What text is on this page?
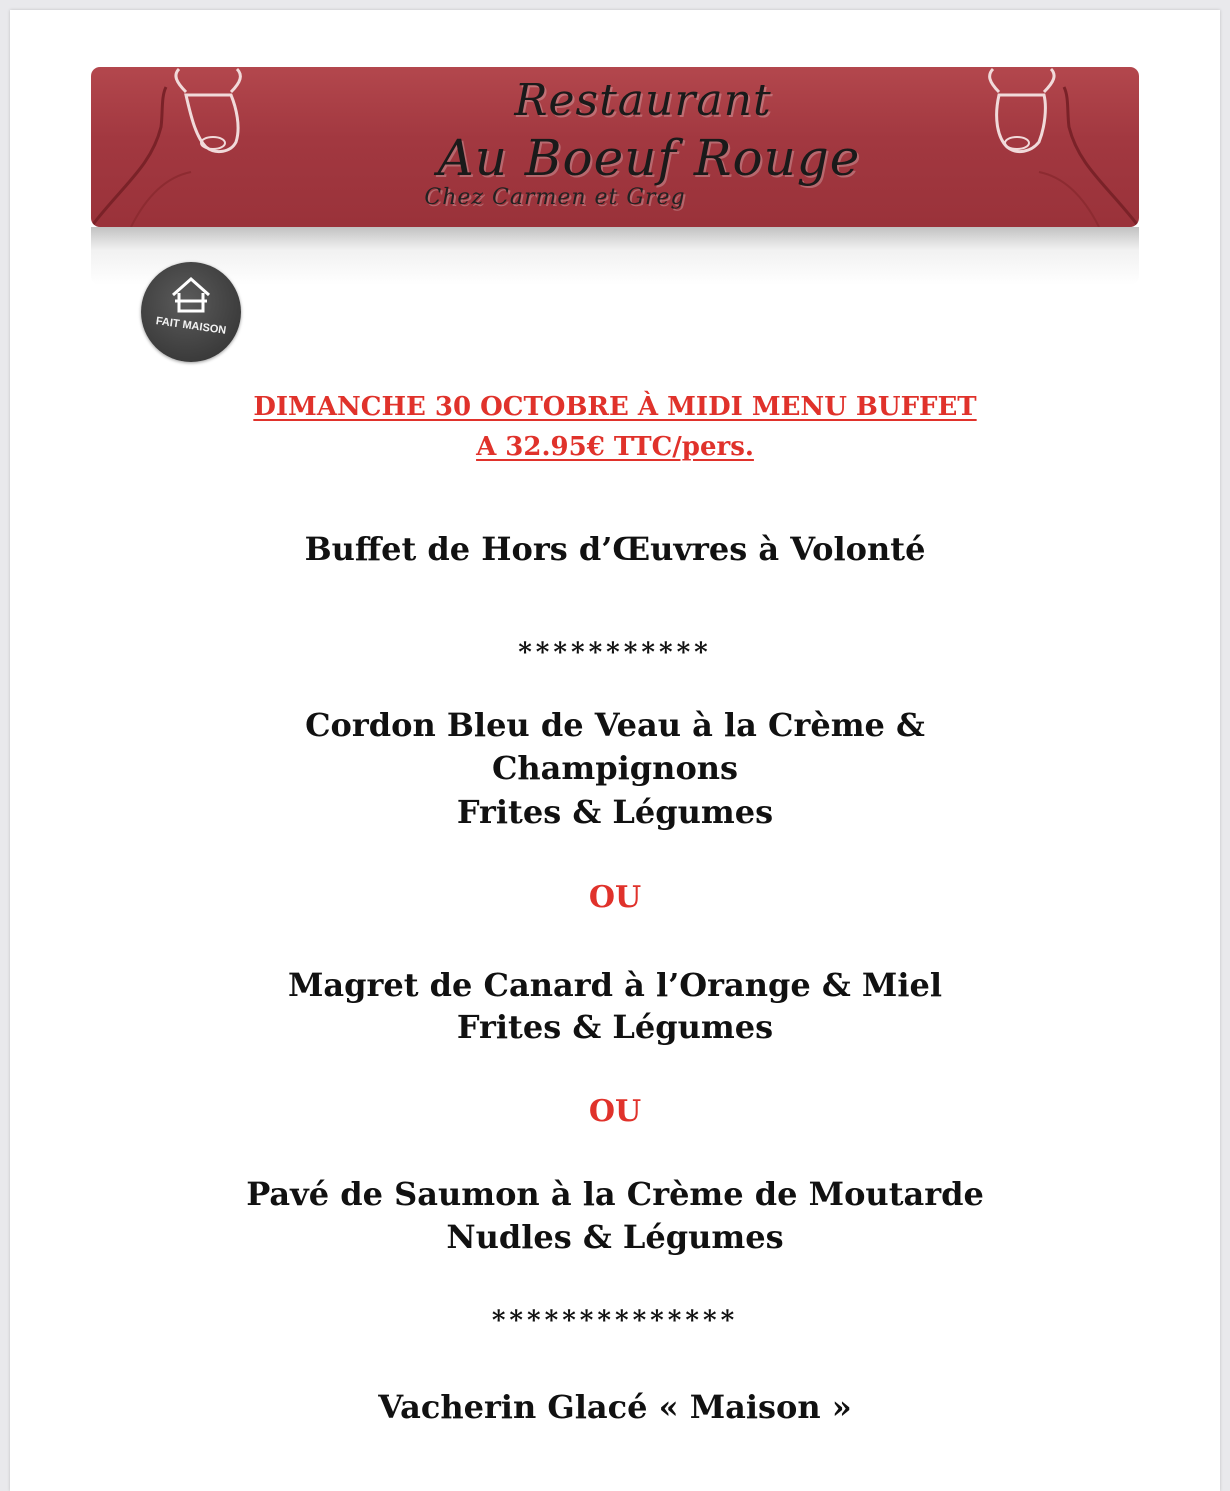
Restaurant
Au Boeuf Rouge
Chez Carmen et Greg
FAIT MAISON
DIMANCHE 30 OCTOBRE À MIDI MENU BUFFET
A 32.95€ TTC/pers.
Buffet de Hors d’Œuvres à Volonté
***********
Cordon Bleu de Veau à la Crème &
Champignons
Frites & Légumes
OU
Magret de Canard à l’Orange & Miel
Frites & Légumes
OU
Pavé de Saumon à la Crème de Moutarde
Nudles & Légumes
**************
Vacherin Glacé « Maison »
